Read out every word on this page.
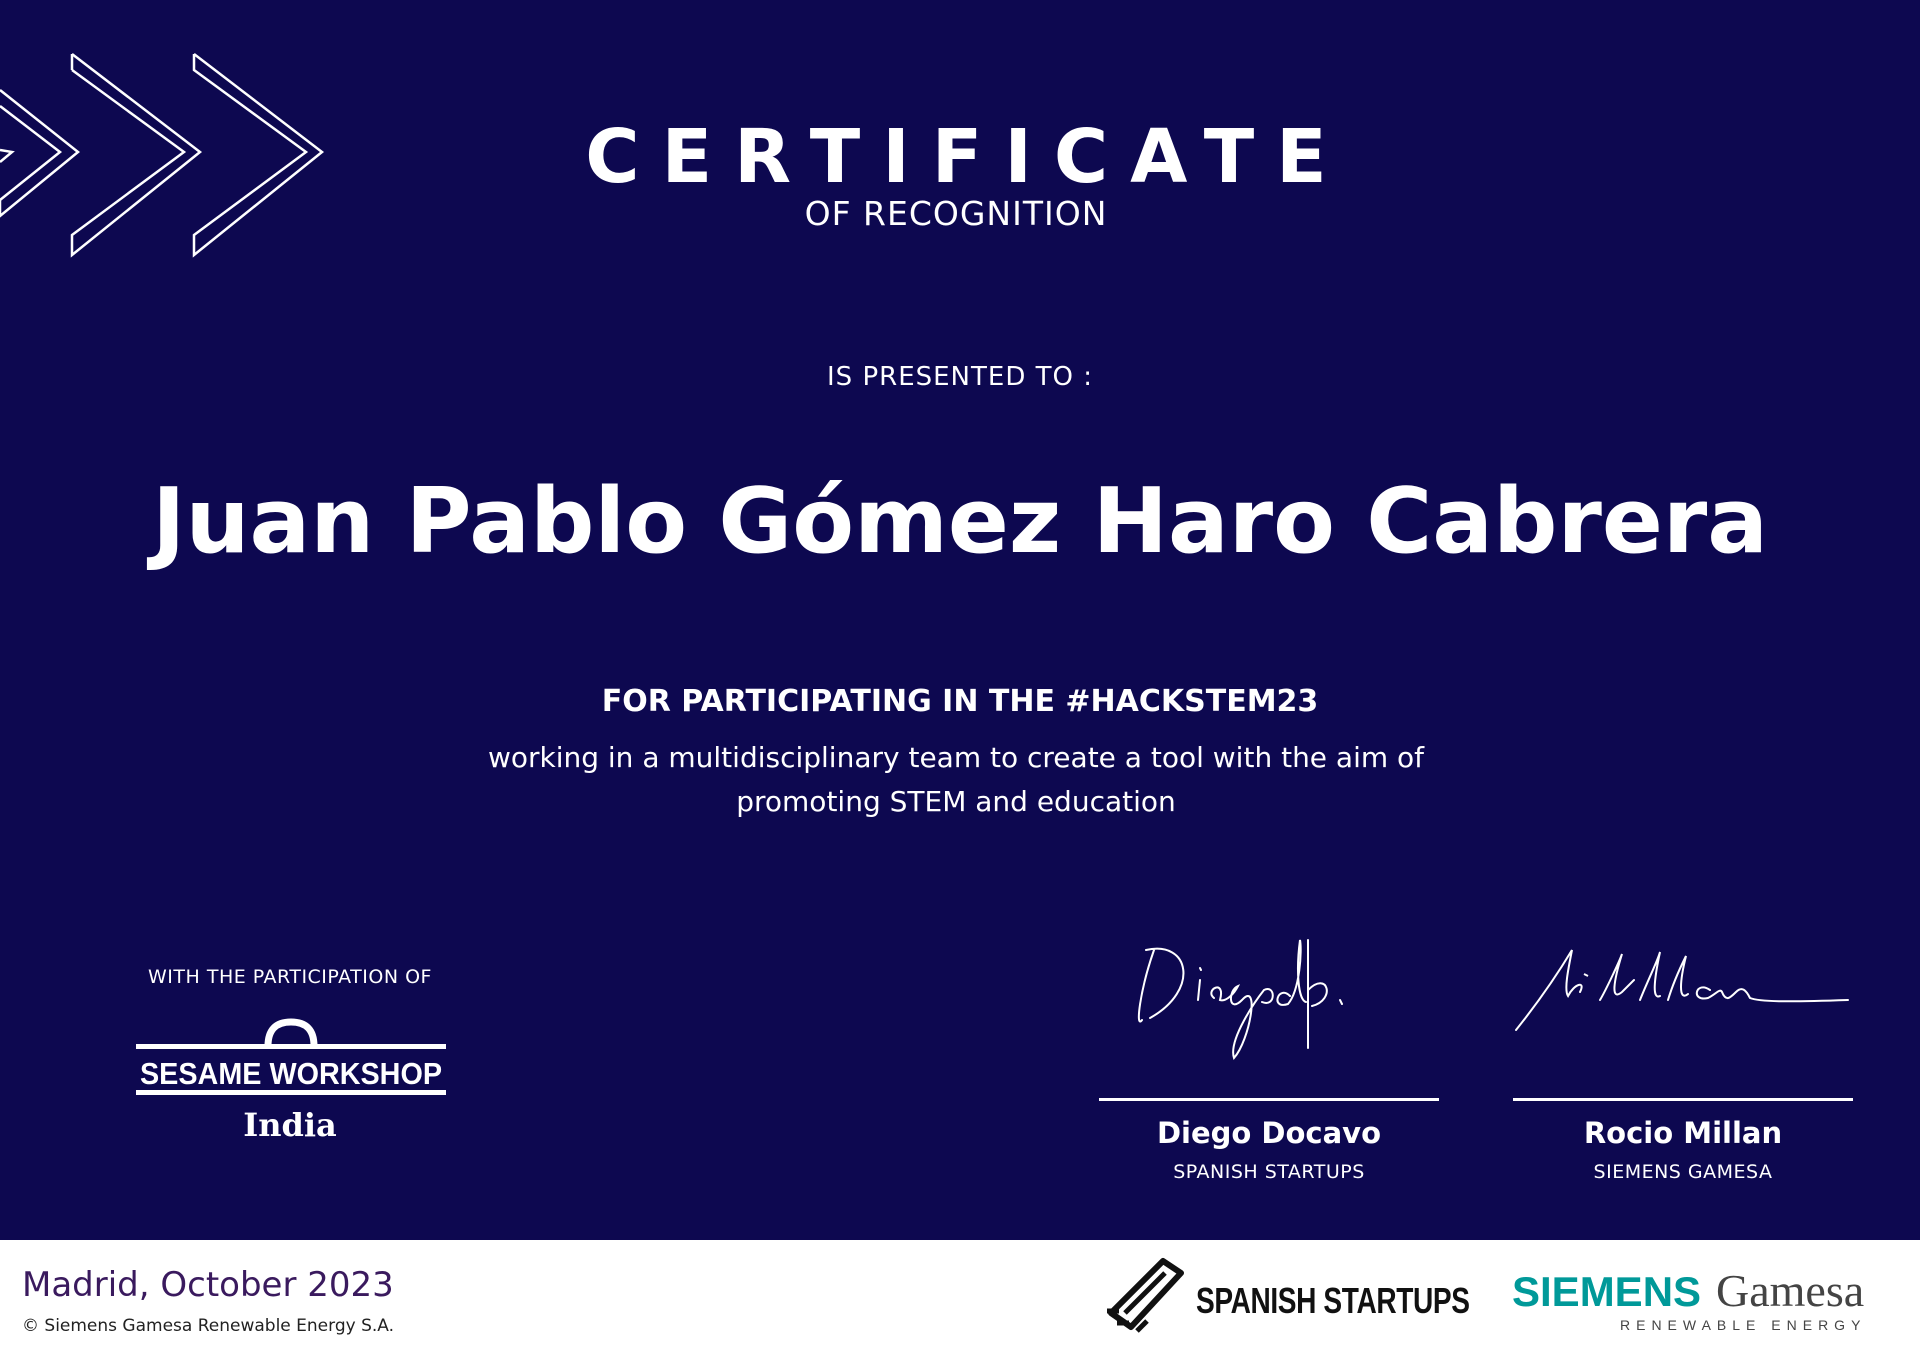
CERTIFICATE
OF RECOGNITION
IS PRESENTED TO :
Juan Pablo Gómez Haro Cabrera
FOR PARTICIPATING IN THE #HACKSTEM23
working in a multidisciplinary team to create a tool with the aim of
promoting STEM and education
WITH THE PARTICIPATION OF
SESAME WORKSHOP
India	Diego Docavo
SPANISH STARTUPS
Rocio Millan
SIEMENS GAMESA
Madrid, October 2023
© Siemens Gamesa Renewable Energy S.A.
SPANISH STARTUPS SIEMENS Gamesa
RENEWABLE ENERGY
